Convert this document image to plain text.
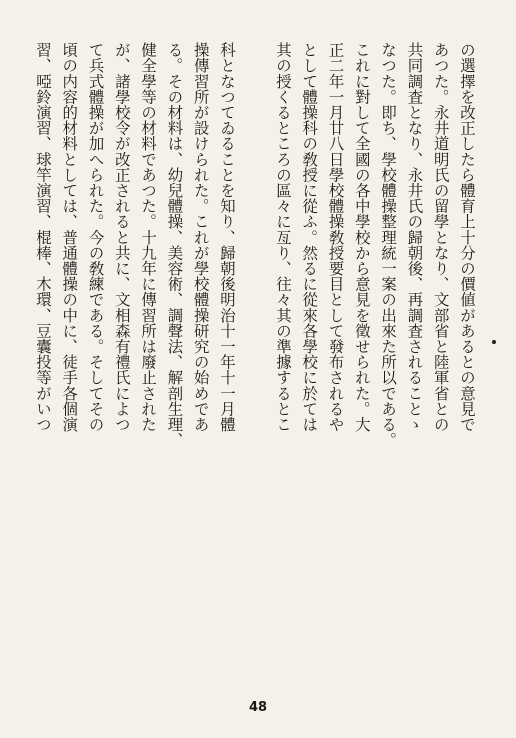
の選擇を改正したら體育上十分の價値があるとの意見で
あつた。永井道明氏の留學となり、文部省と陸軍省との
共同調査となり、永井氏の歸朝後、再調査されることゝ
なつた。即ち、學校體操整理統一案の出來た所以である。
これに對して全國の各中學校から意見を徵せられた。大
正二年一月廿八日學校體操敎授要目として發布されるや
として體操科の敎授に從ふ。然るに從來各學校に於ては
其の授くるところの區々に亙り、往々其の準據するとこ
科となつてゐることを知り、歸朝後明治十一年十一月體
操傳習所が設けられた。これが學校體操研究の始めであ
る。その材料は、幼兒體操、美容術、調聲法、解剖生理、
健全學等の材料であつた。十九年に傳習所は廢止された
が、諸學校令が改正されると共に、文相森有禮氏によつ
て兵式體操が加へられた。今の敎練である。そしてその
頃の内容的材料としては、普通體操の中に、徒手各個演
習、啞鈴演習、球竿演習、棍棒、木環、豆囊投等がいつ
48
